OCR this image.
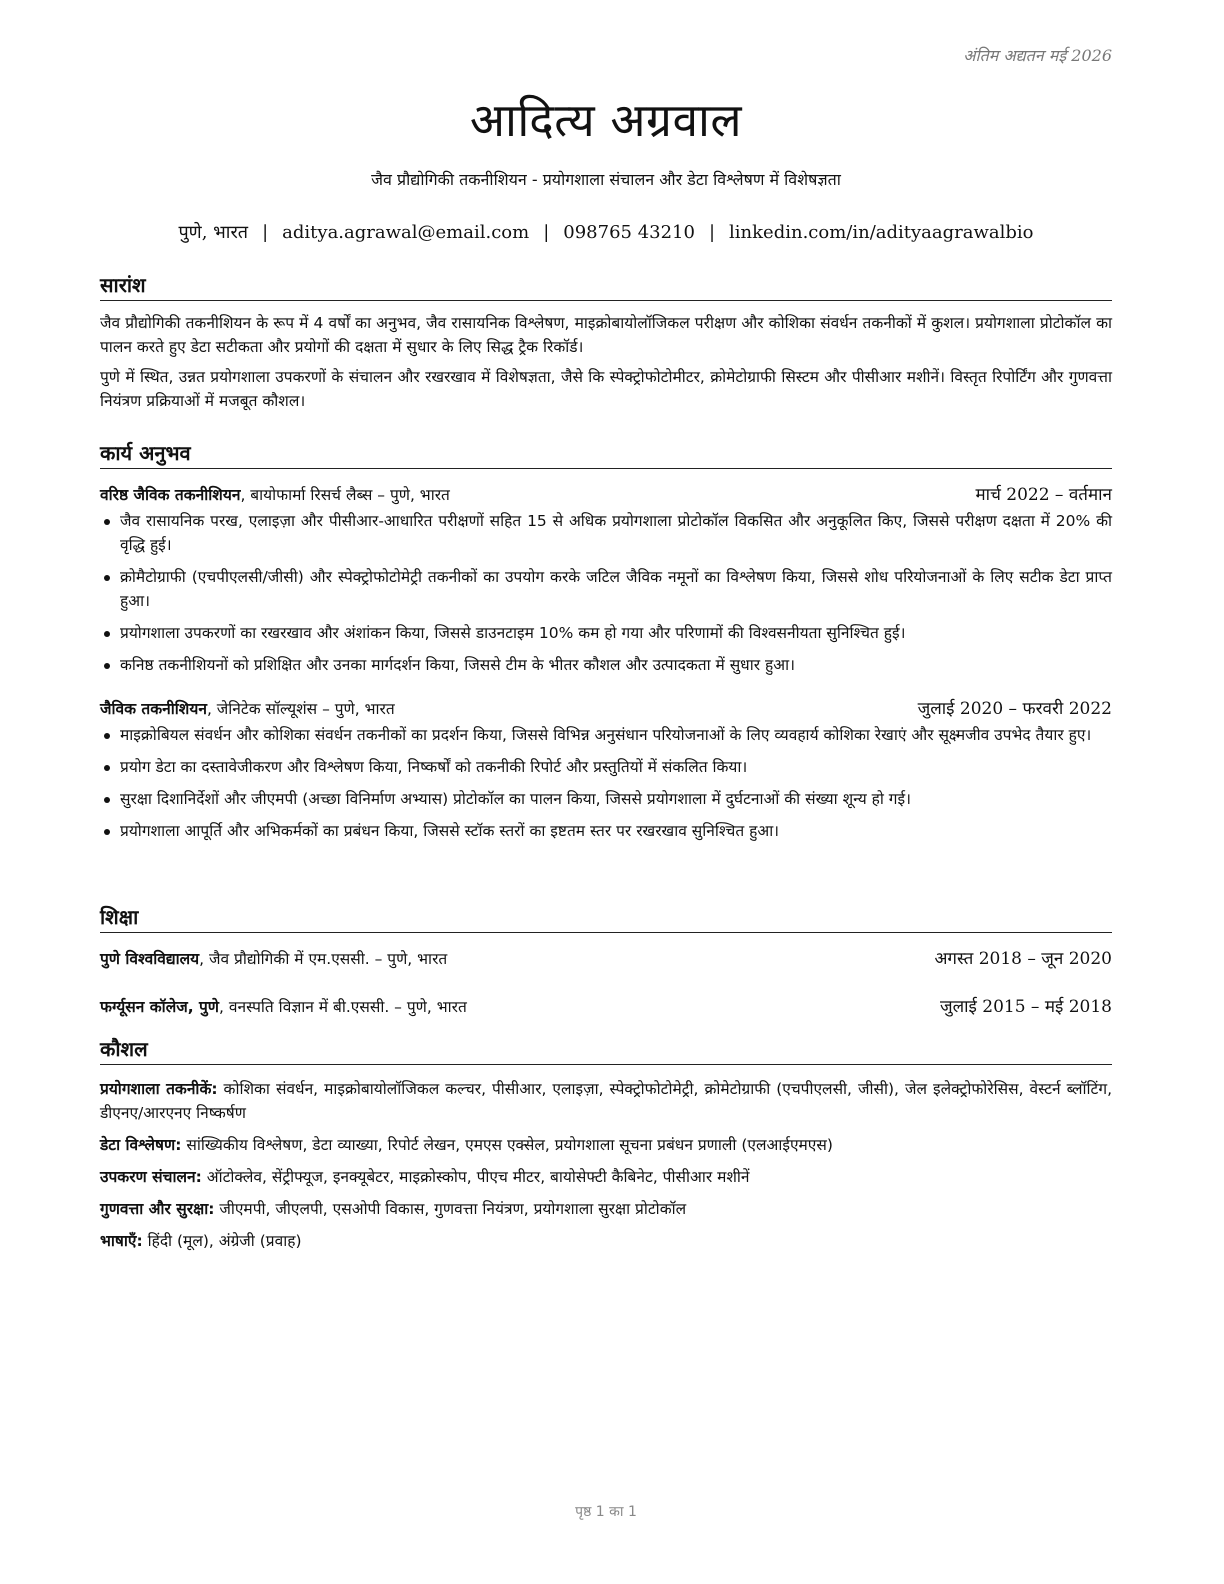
अंतिम अद्यतन मई 2026
आदित्य अग्रवाल
जैव प्रौद्योगिकी तकनीशियन - प्रयोगशाला संचालन और डेटा विश्लेषण में विशेषज्ञता
पुणे, भारत | aditya.agrawal@email.com | 098765 43210 | linkedin.com/in/adityaagrawalbio
सारांश

जैव प्रौद्योगिकी तकनीशियन के रूप में 4 वर्षों का अनुभव, जैव रासायनिक विश्लेषण, माइक्रोबायोलॉजिकल परीक्षण और कोशिका संवर्धन तकनीकों में कुशल। प्रयोगशाला प्रोटोकॉल का पालन करते हुए डेटा सटीकता और प्रयोगों की दक्षता में सुधार के लिए सिद्ध ट्रैक रिकॉर्ड।

पुणे में स्थित, उन्नत प्रयोगशाला उपकरणों के संचालन और रखरखाव में विशेषज्ञता, जैसे कि स्पेक्ट्रोफोटोमीटर, क्रोमेटोग्राफी सिस्टम और पीसीआर मशीनें। विस्तृत रिपोर्टिंग और गुणवत्ता नियंत्रण प्रक्रियाओं में मजबूत कौशल।

कार्य अनुभव
वरिष्ठ जैविक तकनीशियन, बायोफार्मा रिसर्च लैब्स – पुणे, भारत	मार्च 2022 – वर्तमान
जैव रासायनिक परख, एलाइज़ा और पीसीआर-आधारित परीक्षणों सहित 15 से अधिक प्रयोगशाला प्रोटोकॉल विकसित और अनुकूलित किए, जिससे परीक्षण दक्षता में 20% की वृद्धि हुई।
क्रोमैटोग्राफी (एचपीएलसी/जीसी) और स्पेक्ट्रोफोटोमेट्री तकनीकों का उपयोग करके जटिल जैविक नमूनों का विश्लेषण किया, जिससे शोध परियोजनाओं के लिए सटीक डेटा प्राप्त हुआ।
प्रयोगशाला उपकरणों का रखरखाव और अंशांकन किया, जिससे डाउनटाइम 10% कम हो गया और परिणामों की विश्वसनीयता सुनिश्चित हुई।
कनिष्ठ तकनीशियनों को प्रशिक्षित और उनका मार्गदर्शन किया, जिससे टीम के भीतर कौशल और उत्पादकता में सुधार हुआ।
जैविक तकनीशियन, जेनिटेक सॉल्यूशंस – पुणे, भारत	जुलाई 2020 – फरवरी 2022
माइक्रोबियल संवर्धन और कोशिका संवर्धन तकनीकों का प्रदर्शन किया, जिससे विभिन्न अनुसंधान परियोजनाओं के लिए व्यवहार्य कोशिका रेखाएं और सूक्ष्मजीव उपभेद तैयार हुए।
प्रयोग डेटा का दस्तावेजीकरण और विश्लेषण किया, निष्कर्षों को तकनीकी रिपोर्ट और प्रस्तुतियों में संकलित किया।
सुरक्षा दिशानिर्देशों और जीएमपी (अच्छा विनिर्माण अभ्यास) प्रोटोकॉल का पालन किया, जिससे प्रयोगशाला में दुर्घटनाओं की संख्या शून्य हो गई।
प्रयोगशाला आपूर्ति और अभिकर्मकों का प्रबंधन किया, जिससे स्टॉक स्तरों का इष्टतम स्तर पर रखरखाव सुनिश्चित हुआ।
शिक्षा
पुणे विश्वविद्यालय, जैव प्रौद्योगिकी में एम.एससी. – पुणे, भारत	अगस्त 2018 – जून 2020
फर्ग्यूसन कॉलेज, पुणे, वनस्पति विज्ञान में बी.एससी. – पुणे, भारत	जुलाई 2015 – मई 2018
कौशल
प्रयोगशाला तकनीकें: कोशिका संवर्धन, माइक्रोबायोलॉजिकल कल्चर, पीसीआर, एलाइज़ा, स्पेक्ट्रोफोटोमेट्री, क्रोमेटोग्राफी (एचपीएलसी, जीसी), जेल इलेक्ट्रोफोरेसिस, वेस्टर्न ब्लॉटिंग, डीएनए/आरएनए निष्कर्षण
डेटा विश्लेषण: सांख्यिकीय विश्लेषण, डेटा व्याख्या, रिपोर्ट लेखन, एमएस एक्सेल, प्रयोगशाला सूचना प्रबंधन प्रणाली (एलआईएमएस)
उपकरण संचालन: ऑटोक्लेव, सेंट्रीफ्यूज, इनक्यूबेटर, माइक्रोस्कोप, पीएच मीटर, बायोसेफ्टी कैबिनेट, पीसीआर मशीनें
गुणवत्ता और सुरक्षा: जीएमपी, जीएलपी, एसओपी विकास, गुणवत्ता नियंत्रण, प्रयोगशाला सुरक्षा प्रोटोकॉल
भाषाएँ: हिंदी (मूल), अंग्रेजी (प्रवाह)
पृष्ठ 1 का 1
